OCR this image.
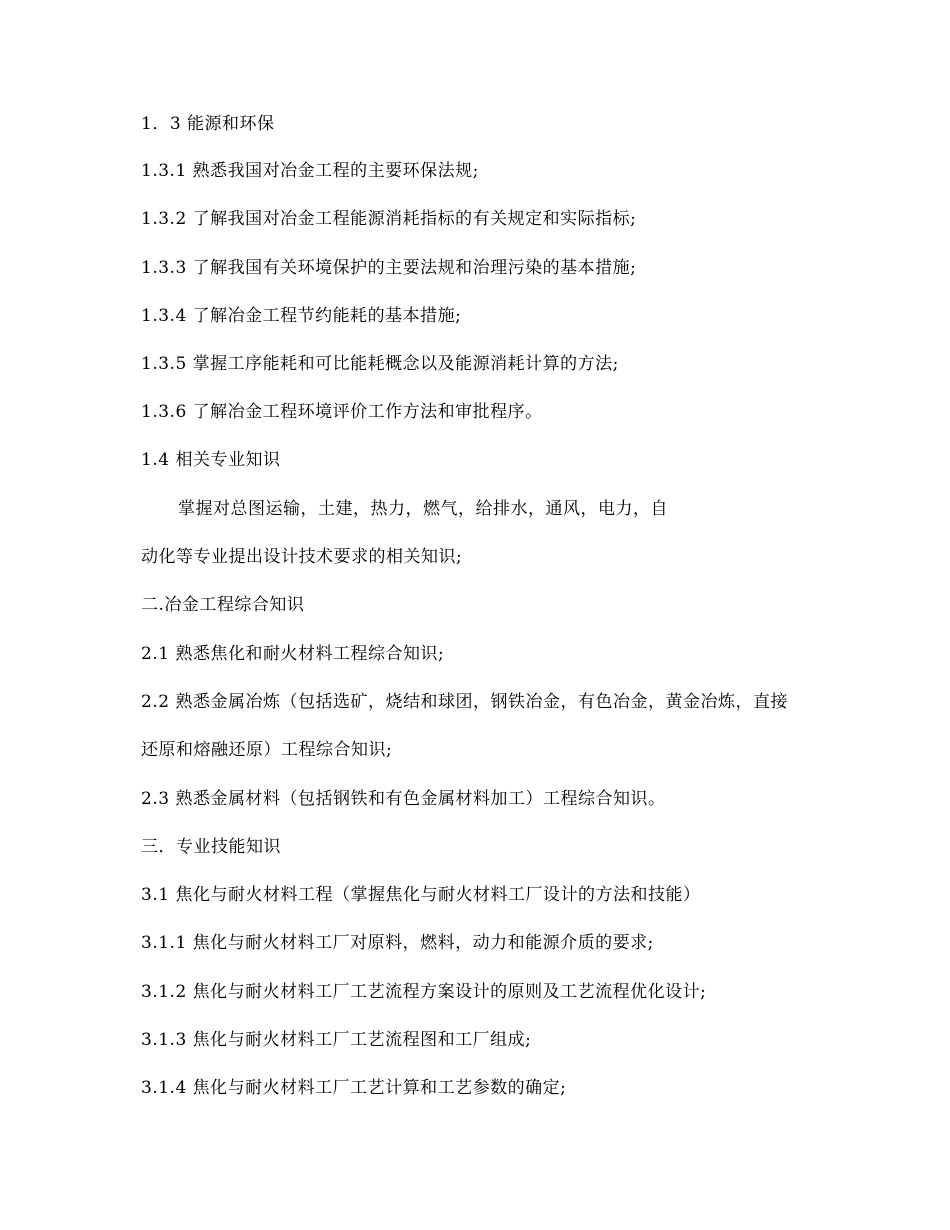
1．3 能源和环保
1.3.1 熟悉我国对冶金工程的主要环保法规;
1.3.2 了解我国对冶金工程能源消耗指标的有关规定和实际指标;
1.3.3 了解我国有关环境保护的主要法规和治理污染的基本措施;
1.3.4 了解冶金工程节约能耗的基本措施;
1.3.5 掌握工序能耗和可比能耗概念以及能源消耗计算的方法;
1.3.6 了解冶金工程环境评价工作方法和审批程序。
1.4 相关专业知识
掌握对总图运输，土建，热力，燃气，给排水，通风，电力，自
动化等专业提出设计技术要求的相关知识;
二.冶金工程综合知识
2.1 熟悉焦化和耐火材料工程综合知识;
2.2 熟悉金属冶炼（包括选矿，烧结和球团，钢铁冶金，有色冶金，黄金冶炼，直接
还原和熔融还原）工程综合知识;
2.3 熟悉金属材料（包括钢铁和有色金属材料加工）工程综合知识。
三．专业技能知识
3.1 焦化与耐火材料工程（掌握焦化与耐火材料工厂设计的方法和技能）
3.1.1 焦化与耐火材料工厂对原料，燃料，动力和能源介质的要求;
3.1.2 焦化与耐火材料工厂工艺流程方案设计的原则及工艺流程优化设计;
3.1.3 焦化与耐火材料工厂工艺流程图和工厂组成;
3.1.4 焦化与耐火材料工厂工艺计算和工艺参数的确定;
